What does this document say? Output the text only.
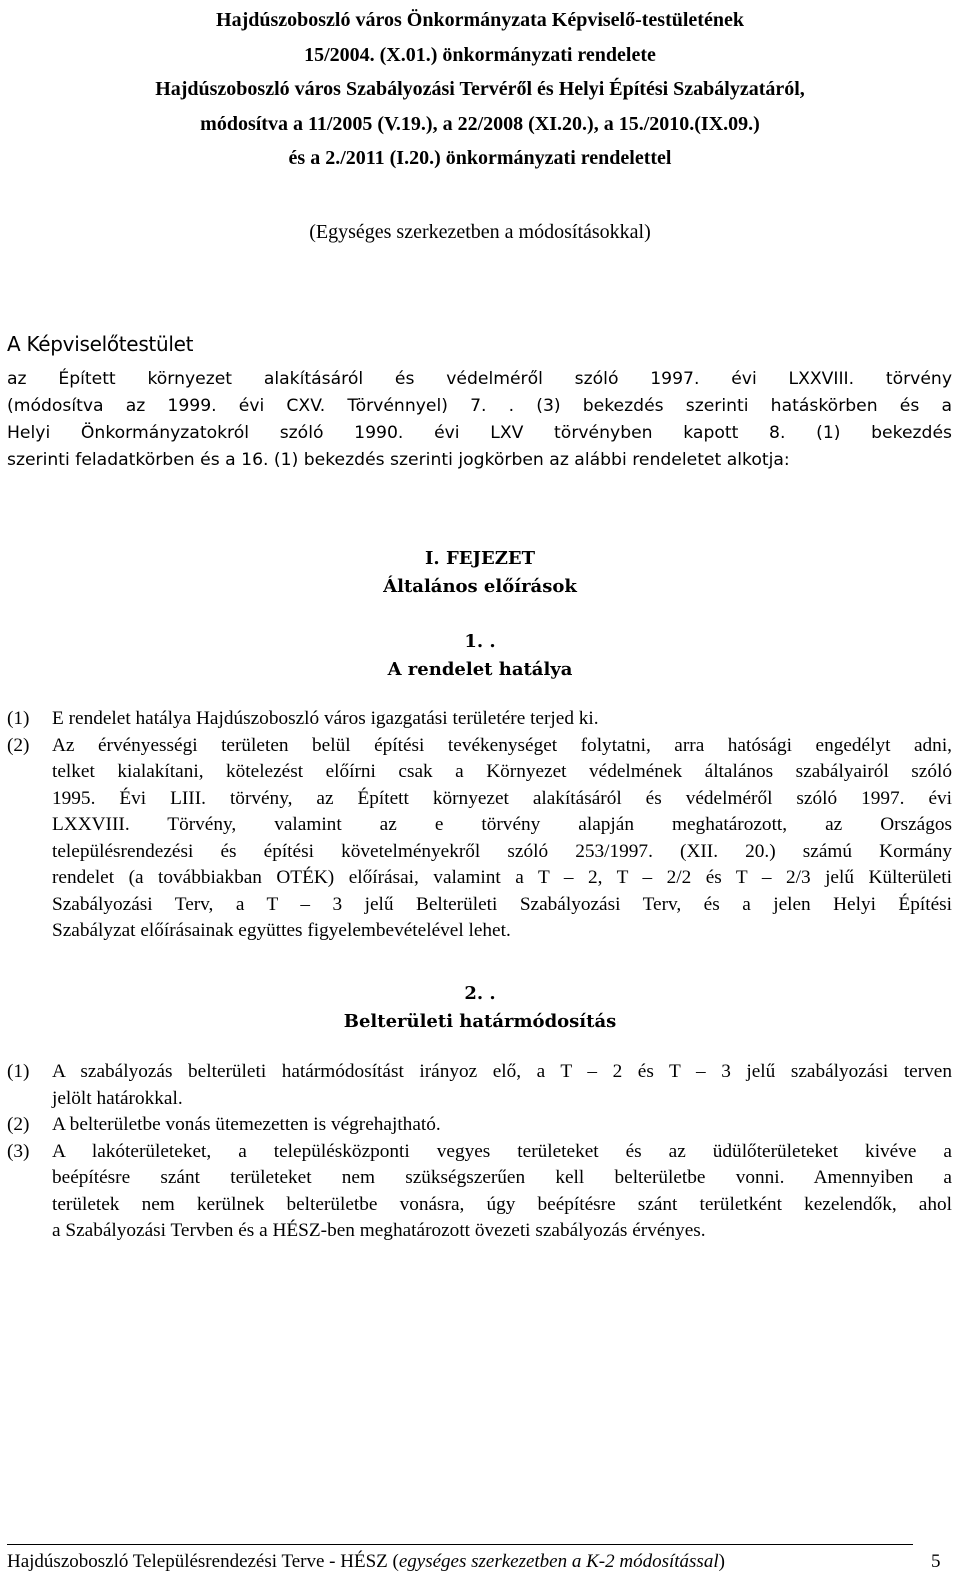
Hajdúszoboszló város Önkormányzata Képviselő-testületének
15/2004. (X.01.) önkormányzati rendelete
Hajdúszoboszló város Szabályozási Tervéről és Helyi Építési Szabályzatáról,
módosítva a 11/2005 (V.19.), a 22/2008 (XI.20.), a 15./2010.(IX.09.)
és a 2./2011 (I.20.) önkormányzati rendelettel
(Egységes szerkezetben a módosításokkal)
A Képviselőtestület
az Épített környezet alakításáról és védelméről szóló 1997. évi LXXVIII. törvény
(módosítva az 1999. évi CXV. Törvénnyel) 7. . (3) bekezdés szerinti hatáskörben és a
Helyi Önkormányzatokról szóló 1990. évi LXV törvényben kapott 8. (1) bekezdés
szerinti feladatkörben és a 16. (1) bekezdés szerinti jogkörben az alábbi rendeletet alkotja:
I. FEJEZET
Általános előírások
1. .
A rendelet hatálya
(1)	E rendelet hatálya Hajdúszoboszló város igazgatási területére terjed ki.
(2)	Az érvényességi területen belül építési tevékenységet folytatni, arra hatósági engedélyt adni,
telket kialakítani, kötelezést előírni csak a Környezet védelmének általános szabályairól szóló
1995. Évi LIII. törvény, az Épített környezet alakításáról és védelméről szóló 1997. évi
LXXVIII. Törvény, valamint az e törvény alapján meghatározott, az Országos
településrendezési és építési követelményekről szóló 253/1997. (XII. 20.) számú Kormány
rendelet (a továbbiakban OTÉK) előírásai, valamint a T – 2, T – 2/2 és T – 2/3 jelű Külterületi
Szabályozási Terv, a T – 3 jelű Belterületi Szabályozási Terv, és a jelen Helyi Építési
Szabályzat előírásainak együttes figyelembevételével lehet.
2. .
Belterületi határmódosítás
(1)	A szabályozás belterületi határmódosítást irányoz elő, a T – 2 és T – 3 jelű szabályozási terven
jelölt határokkal.
(2)	A belterületbe vonás ütemezetten is végrehajtható.
(3)	A lakóterületeket, a településközponti vegyes területeket és az üdülőterületeket kivéve a
beépítésre szánt területeket nem szükségszerűen kell belterületbe vonni. Amennyiben a
területek nem kerülnek belterületbe vonásra, úgy beépítésre szánt területként kezelendők, ahol
a Szabályozási Tervben és a HÉSZ-ben meghatározott övezeti szabályozás érvényes.
Hajdúszoboszló Településrendezési Terve - HÉSZ (egységes szerkezetben a K-2 módosítással)	5
